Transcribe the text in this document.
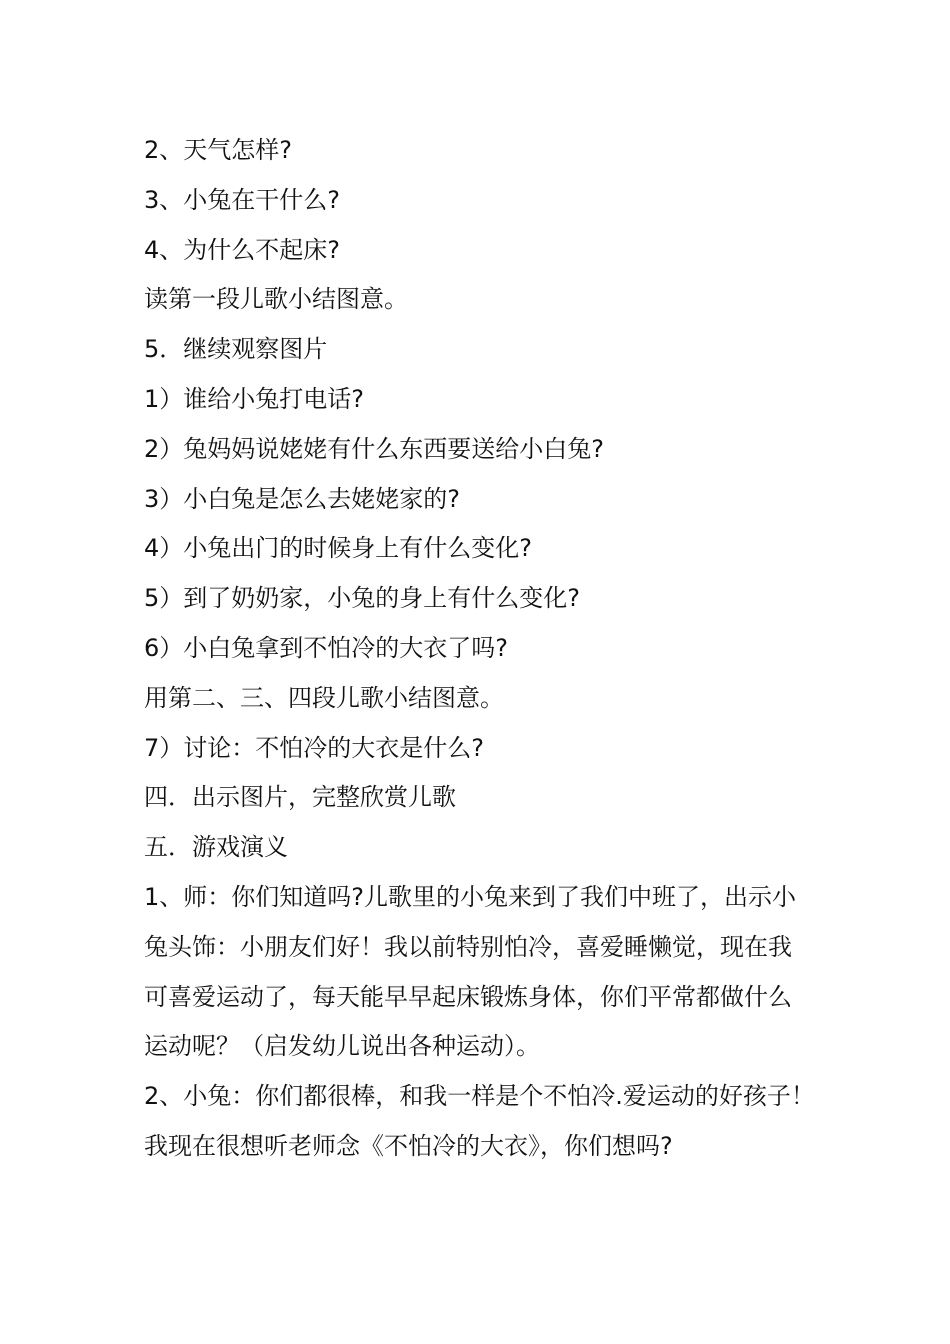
2、天气怎样?

3、小兔在干什么?

4、为什么不起床?

读第一段儿歌小结图意。

5．继续观察图片

1）谁给小兔打电话?

2）兔妈妈说姥姥有什么东西要送给小白兔?

3）小白兔是怎么去姥姥家的?

4）小兔出门的时候身上有什么变化?

5）到了奶奶家，小兔的身上有什么变化?

6）小白兔拿到不怕冷的大衣了吗?

用第二、三、四段儿歌小结图意。

7）讨论：不怕冷的大衣是什么?

四．出示图片，完整欣赏儿歌

五．游戏演义

1、师：你们知道吗?儿歌里的小兔来到了我们中班了，出示小

兔头饰：小朋友们好！我以前特别怕冷，喜爱睡懒觉，现在我

可喜爱运动了，每天能早早起床锻炼身体，你们平常都做什么

运动呢？（启发幼儿说出各种运动）。

2、小兔：你们都很棒，和我一样是个不怕冷.爱运动的好孩子！

我现在很想听老师念《不怕冷的大衣》，你们想吗?
